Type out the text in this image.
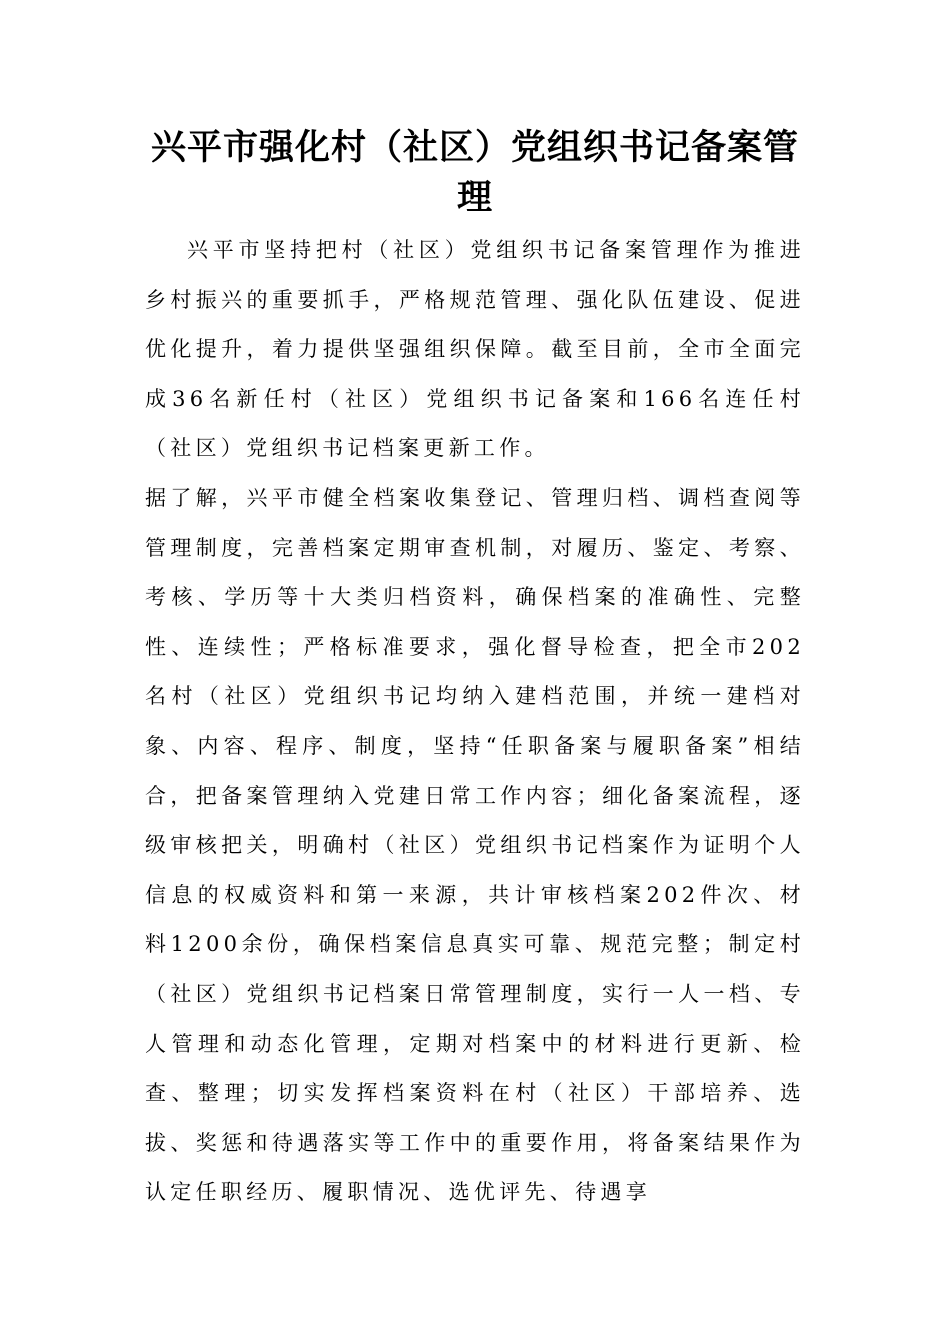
兴平市强化村（社区）党组织书记备案管理

兴平市坚持把村（社区）党组织书记备案管理作为推进乡村振兴的重要抓手，严格规范管理、强化队伍建设、促进优化提升，着力提供坚强组织保障。截至目前，全市全面完成36名新任村（社区）党组织书记备案和166名连任村（社区）党组织书记档案更新工作。

据了解，兴平市健全档案收集登记、管理归档、调档查阅等管理制度，完善档案定期审查机制，对履历、鉴定、考察、考核、学历等十大类归档资料，确保档案的准确性、完整性、连续性；严格标准要求，强化督导检查，把全市202名村（社区）党组织书记均纳入建档范围，并统一建档对象、内容、程序、制度，坚持“任职备案与履职备案”相结合，把备案管理纳入党建日常工作内容；细化备案流程，逐级审核把关，明确村（社区）党组织书记档案作为证明个人信息的权威资料和第一来源，共计审核档案202件次、材料1200余份，确保档案信息真实可靠、规范完整；制定村（社区）党组织书记档案日常管理制度，实行一人一档、专人管理和动态化管理，定期对档案中的材料进行更新、检查、整理；切实发挥档案资料在村（社区）干部培养、选拔、奖惩和待遇落实等工作中的重要作用，将备案结果作为认定任职经历、履职情况、选优评先、待遇享
